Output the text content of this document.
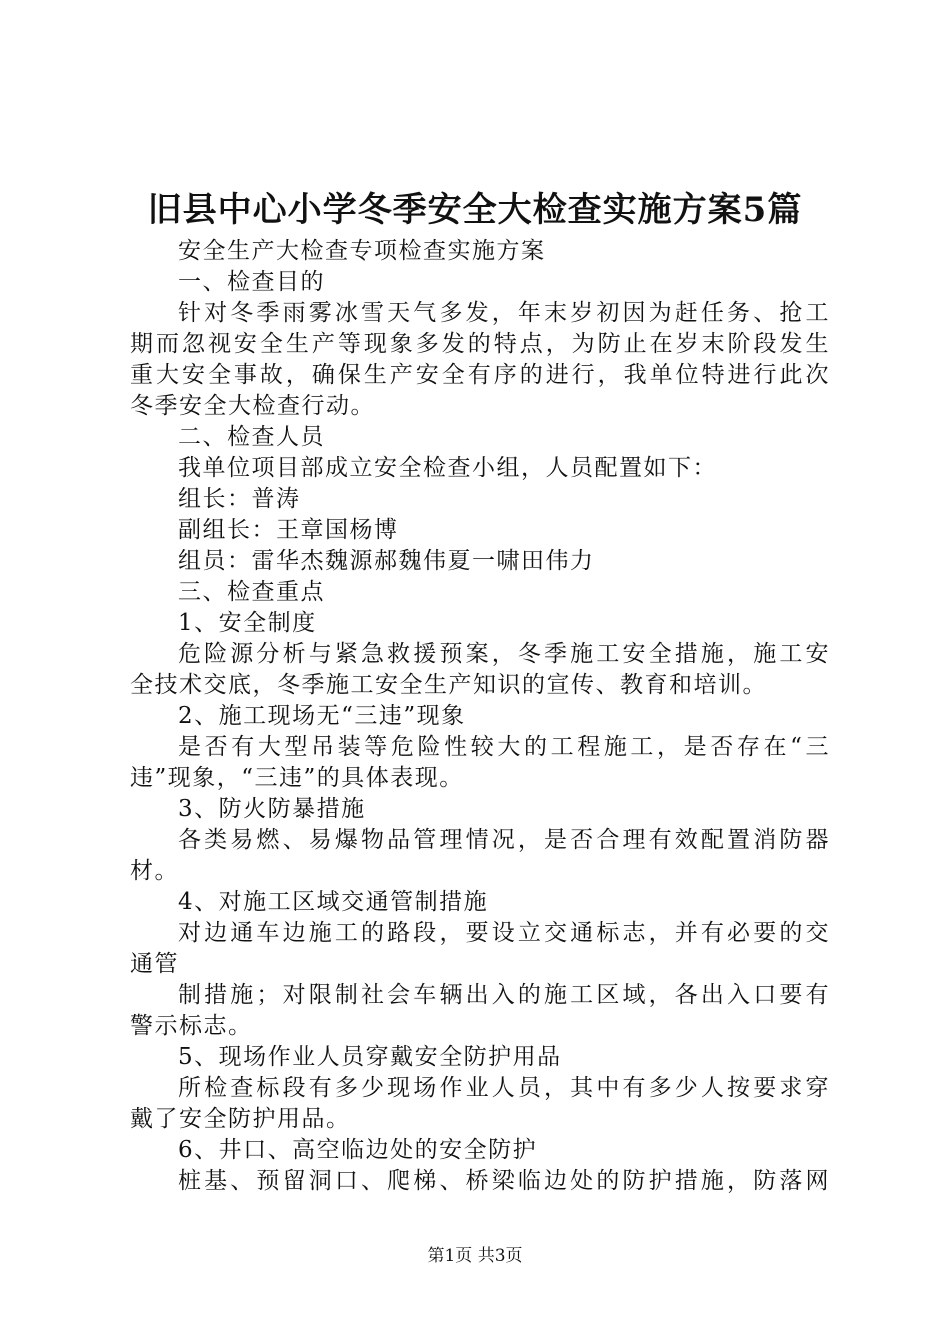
旧县中心小学冬季安全大检查实施方案5篇
安全生产大检查专项检查实施方案
一、检查目的
针对冬季雨雾冰雪天气多发，年末岁初因为赶任务、抢工
期而忽视安全生产等现象多发的特点，为防止在岁末阶段发生
重大安全事故，确保生产安全有序的进行，我单位特进行此次
冬季安全大检查行动。
二、检查人员
我单位项目部成立安全检查小组，人员配置如下：
组长：普涛
副组长：王章国杨博
组员：雷华杰魏源郝魏伟夏一啸田伟力
三、检查重点
1、安全制度
危险源分析与紧急救援预案，冬季施工安全措施，施工安
全技术交底，冬季施工安全生产知识的宣传、教育和培训。
2、施工现场无“三违”现象
是否有大型吊装等危险性较大的工程施工，是否存在“三
违”现象，“三违”的具体表现。
3、防火防暴措施
各类易燃、易爆物品管理情况，是否合理有效配置消防器
材。
4、对施工区域交通管制措施
对边通车边施工的路段，要设立交通标志，并有必要的交
通管
制措施；对限制社会车辆出入的施工区域，各出入口要有
警示标志。
5、现场作业人员穿戴安全防护用品
所检查标段有多少现场作业人员，其中有多少人按要求穿
戴了安全防护用品。
6、井口、高空临边处的安全防护
桩基、预留洞口、爬梯、桥梁临边处的防护措施，防落网
第1页 共3页
